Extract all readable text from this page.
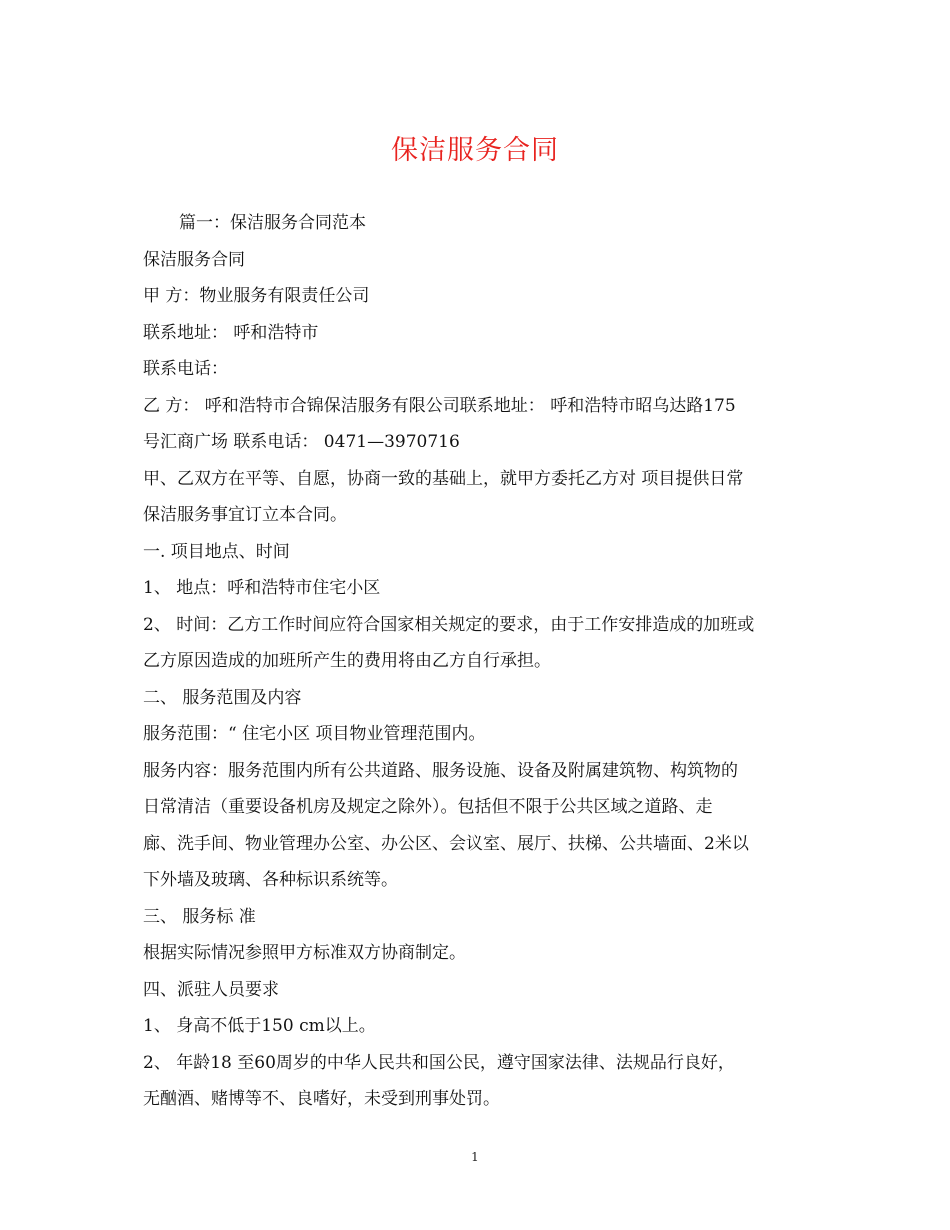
保洁服务合同
篇一：保洁服务合同范本
保洁服务合同
甲 方：物业服务有限责任公司
联系地址： 呼和浩特市
联系电话：
乙 方： 呼和浩特市合锦保洁服务有限公司联系地址： 呼和浩特市昭乌达路175
号汇商广场 联系电话： 0471—3970716
甲、乙双方在平等、自愿，协商一致的基础上，就甲方委托乙方对 项目提供日常
保洁服务事宜订立本合同。
一. 项目地点、时间
1、 地点：呼和浩特市住宅小区
2、 时间：乙方工作时间应符合国家相关规定的要求，由于工作安排造成的加班或
乙方原因造成的加班所产生的费用将由乙方自行承担。
二、 服务范围及内容
服务范围：“ 住宅小区 项目物业管理范围内。
服务内容：服务范围内所有公共道路、服务设施、设备及附属建筑物、构筑物的
日常清洁（重要设备机房及规定之除外）。包括但不限于公共区域之道路、走
廊、洗手间、物业管理办公室、办公区、会议室、展厅、扶梯、公共墙面、2米以
下外墙及玻璃、各种标识系统等。
三、 服务标 准
根据实际情况参照甲方标准双方协商制定。
四、派驻人员要求
1、 身高不低于150 cm以上。
2、 年龄18 至60周岁的中华人民共和国公民，遵守国家法律、法规品行良好，
无酗酒、赌博等不、良嗜好，未受到刑事处罚。
1
